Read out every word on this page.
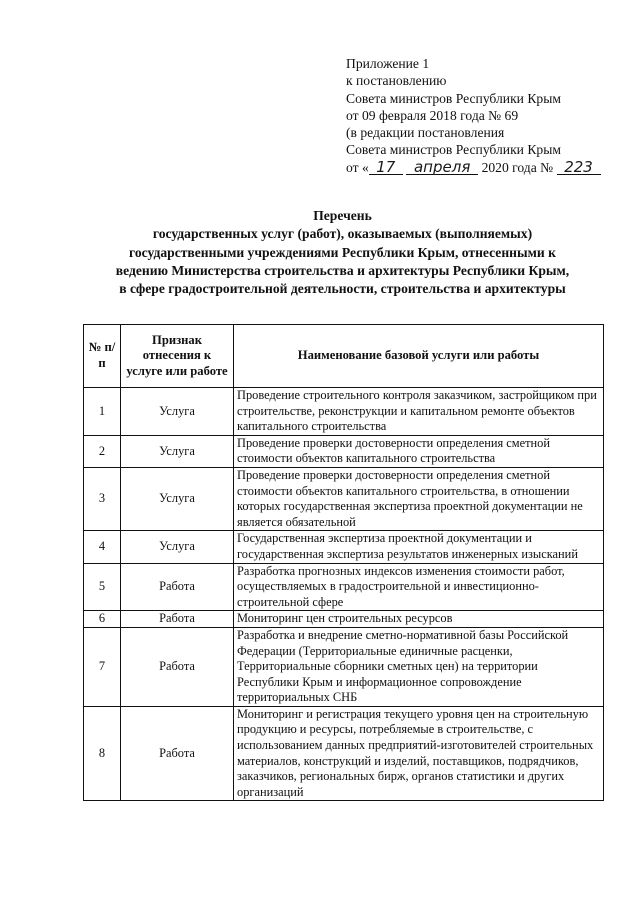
Приложение 1
к постановлению
Совета министров Республики Крым
от 09 февраля 2018 года № 69
(в редакции постановления
Совета министров Республики Крым
от « 17 апреля 2020 года № 223
Перечень
государственных услуг (работ), оказываемых (выполняемых)
государственными учреждениями Республики Крым, отнесенными к
ведению Министерства строительства и архитектуры Республики Крым,
в сфере градостроительной деятельности, строительства и архитектуры
№ п/п	Признак отнесения к услуге или работе	Наименование базовой услуги или работы
1	Услуга	Проведение строительного контроля заказчиком, застройщиком при строительстве, реконструкции и капитальном ремонте объектов капитального строительства
2	Услуга	Проведение проверки достоверности определения сметной стоимости объектов капитального строительства
3	Услуга	Проведение проверки достоверности определения сметной стоимости объектов капитального строительства, в отношении которых государственная экспертиза проектной документации не является обязательной
4	Услуга	Государственная экспертиза проектной документации и государственная экспертиза результатов инженерных изысканий
5	Работа	Разработка прогнозных индексов изменения стоимости работ, осуществляемых в градостроительной и инвестиционно-строительной сфере
6	Работа	Мониторинг цен строительных ресурсов
7	Работа	Разработка и внедрение сметно-нормативной базы Российской Федерации (Территориальные единичные расценки, Территориальные сборники сметных цен) на территории Республики Крым и информационное сопровождение территориальных СНБ
8	Работа	Мониторинг и регистрация текущего уровня цен на строительную продукцию и ресурсы, потребляемые в строительстве, с использованием данных предприятий-изготовителей строительных материалов, конструкций и изделий, поставщиков, подрядчиков, заказчиков, региональных бирж, органов статистики и других организаций
